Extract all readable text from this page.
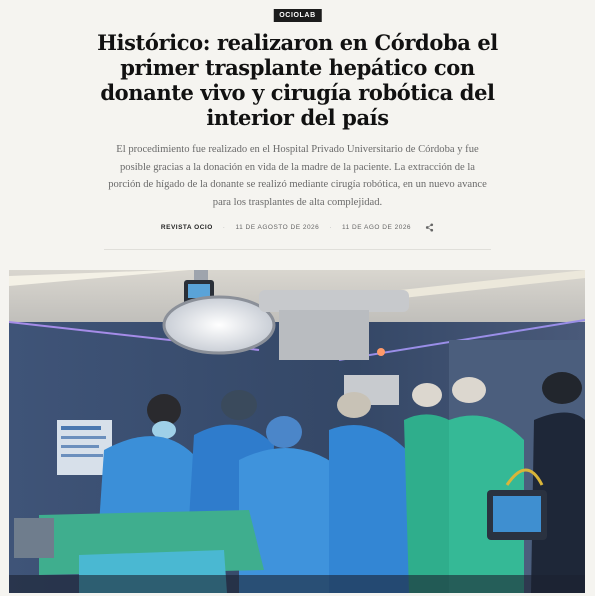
OCIOLAB
Histórico: realizaron en Córdoba el primer trasplante hepático con donante vivo y cirugía robótica del interior del país

El procedimiento fue realizado en el Hospital Privado Universitario de Córdoba y fue posible gracias a la donación en vida de la madre de la paciente. La extracción de la porción de hígado de la donante se realizó mediante cirugía robótica, en un nuevo avance para los trasplantes de alta complejidad.

REVISTA OCIO · 11 DE AGOSTO DE 2026 · 11 DE AGO DE 2026
